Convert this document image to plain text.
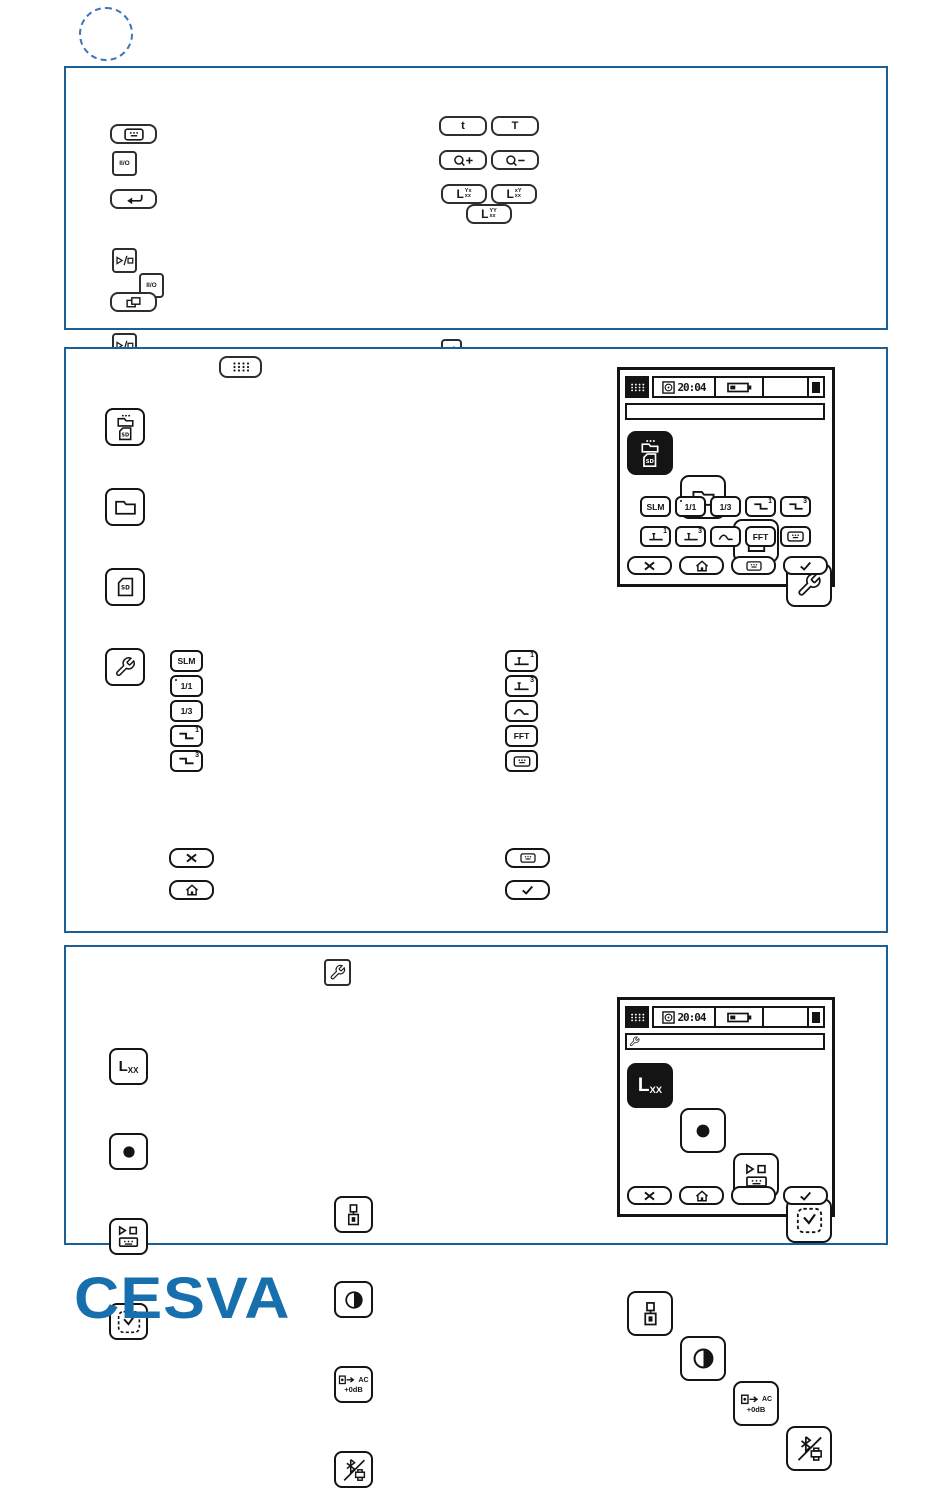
II/O
II/O
t	T
L Yx
xx	L xY
xx
L YY
xx
20:04
SLM 1/1	1/3	1	3
1	3	FFT
SLM
1/1
1/3
1
3
1
3
FFT
L XX
AC
+0dB
20:04
L XX
AC
+0dB
CESVA
